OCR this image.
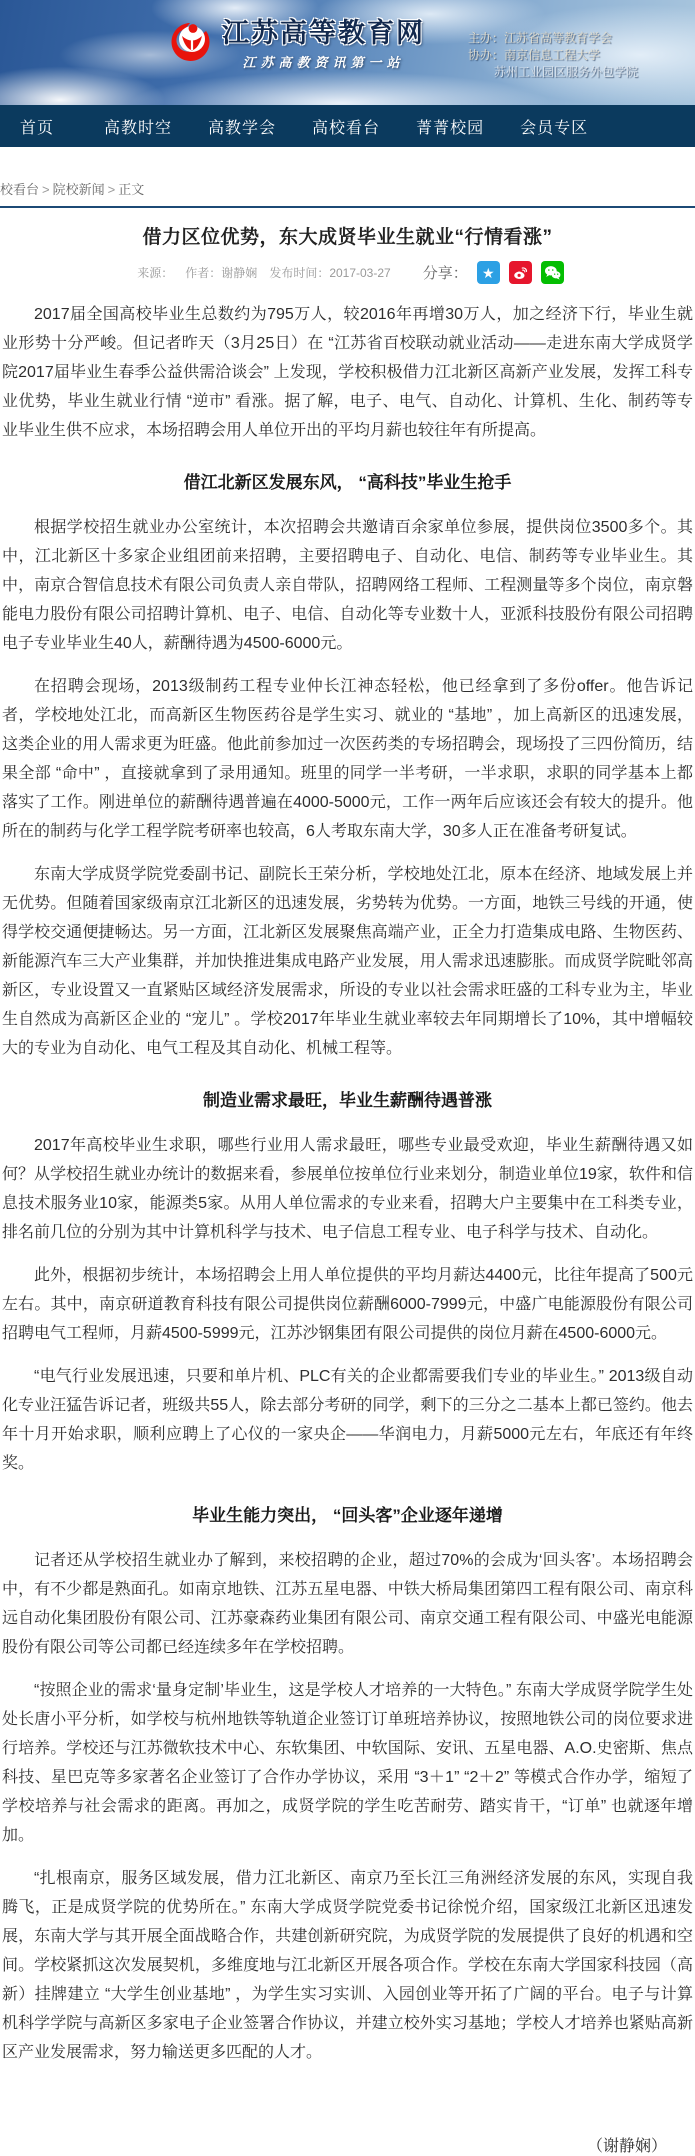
江苏高等教育网
江苏高教资讯第一站
主办：江苏省高等教育学会
协办：南京信息工程大学
苏州工业园区服务外包学院
首页	高教时空 高教学会 高校看台 菁菁校园 会员专区
校看台 > 院校新闻 > 正文
借力区位优势，东大成贤毕业生就业“行情看涨”
来源： 作者：谢静娴 发布时间：2017-03-27 分享：	★

2017届全国高校毕业生总数约为795万人，较2016年再增30万人，加之经济下行，毕业生就业形势十分严峻。但记者昨天（3月25日）在 “江苏省百校联动就业活动——走进东南大学成贤学院2017届毕业生春季公益供需洽谈会” 上发现，学校积极借力江北新区高新产业发展，发挥工科专业优势，毕业生就业行情 “逆市” 看涨。据了解，电子、电气、自动化、计算机、生化、制药等专业毕业生供不应求，本场招聘会用人单位开出的平均月薪也较往年有所提高。

借江北新区发展东风， “高科技”毕业生抢手

根据学校招生就业办公室统计，本次招聘会共邀请百余家单位参展，提供岗位3500多个。其中，江北新区十多家企业组团前来招聘，主要招聘电子、自动化、电信、制药等专业毕业生。其中，南京合智信息技术有限公司负责人亲自带队，招聘网络工程师、工程测量等多个岗位，南京磐能电力股份有限公司招聘计算机、电子、电信、自动化等专业数十人，亚派科技股份有限公司招聘电子专业毕业生40人，薪酬待遇为4500-6000元。

在招聘会现场，2013级制药工程专业仲长江神态轻松，他已经拿到了多份offer。他告诉记者，学校地处江北，而高新区生物医药谷是学生实习、就业的 “基地” ，加上高新区的迅速发展，这类企业的用人需求更为旺盛。他此前参加过一次医药类的专场招聘会，现场投了三四份简历，结果全部 “命中” ，直接就拿到了录用通知。班里的同学一半考研，一半求职，求职的同学基本上都落实了工作。刚进单位的薪酬待遇普遍在4000-5000元，工作一两年后应该还会有较大的提升。他所在的制药与化学工程学院考研率也较高，6人考取东南大学，30多人正在准备考研复试。

东南大学成贤学院党委副书记、副院长王荣分析，学校地处江北，原本在经济、地域发展上并无优势。但随着国家级南京江北新区的迅速发展，劣势转为优势。一方面，地铁三号线的开通，使得学校交通便捷畅达。另一方面，江北新区发展聚焦高端产业，正全力打造集成电路、生物医药、新能源汽车三大产业集群，并加快推进集成电路产业发展，用人需求迅速膨胀。而成贤学院毗邻高新区，专业设置又一直紧贴区域经济发展需求，所设的专业以社会需求旺盛的工科专业为主，毕业生自然成为高新区企业的 “宠儿” 。学校2017年毕业生就业率较去年同期增长了10%，其中增幅较大的专业为自动化、电气工程及其自动化、机械工程等。

制造业需求最旺，毕业生薪酬待遇普涨

2017年高校毕业生求职，哪些行业用人需求最旺，哪些专业最受欢迎，毕业生薪酬待遇又如何？从学校招生就业办统计的数据来看，参展单位按单位行业来划分，制造业单位19家，软件和信息技术服务业10家，能源类5家。从用人单位需求的专业来看，招聘大户主要集中在工科类专业，排名前几位的分别为其中计算机科学与技术、电子信息工程专业、电子科学与技术、自动化。

此外，根据初步统计，本场招聘会上用人单位提供的平均月薪达4400元，比往年提高了500元左右。其中，南京研道教育科技有限公司提供岗位薪酬6000-7999元，中盛广电能源股份有限公司招聘电气工程师，月薪4500-5999元，江苏沙钢集团有限公司提供的岗位月薪在4500-6000元。

“电气行业发展迅速，只要和单片机、PLC有关的企业都需要我们专业的毕业生。” 2013级自动化专业汪猛告诉记者，班级共55人，除去部分考研的同学，剩下的三分之二基本上都已签约。他去年十月开始求职，顺利应聘上了心仪的一家央企——华润电力，月薪5000元左右，年底还有年终奖。

毕业生能力突出， “回头客”企业逐年递增

记者还从学校招生就业办了解到，来校招聘的企业，超过70%的会成为‘回头客’。本场招聘会中，有不少都是熟面孔。如南京地铁、江苏五星电器、中铁大桥局集团第四工程有限公司、南京科远自动化集团股份有限公司、江苏豪森药业集团有限公司、南京交通工程有限公司、中盛光电能源股份有限公司等公司都已经连续多年在学校招聘。

“按照企业的需求‘量身定制’毕业生，这是学校人才培养的一大特色。” 东南大学成贤学院学生处处长唐小平分析，如学校与杭州地铁等轨道企业签订订单班培养协议，按照地铁公司的岗位要求进行培养。学校还与江苏微软技术中心、东软集团、中软国际、安讯、五星电器、A.O.史密斯、焦点科技、星巴克等多家著名企业签订了合作办学协议，采用 “3＋1” “2＋2” 等模式合作办学，缩短了学校培养与社会需求的距离。再加之，成贤学院的学生吃苦耐劳、踏实肯干，“订单” 也就逐年增加。

“扎根南京，服务区域发展，借力江北新区、南京乃至长江三角洲经济发展的东风，实现自我腾飞，正是成贤学院的优势所在。” 东南大学成贤学院党委书记徐悦介绍，国家级江北新区迅速发展，东南大学与其开展全面战略合作，共建创新研究院，为成贤学院的发展提供了良好的机遇和空间。学校紧抓这次发展契机，多维度地与江北新区开展各项合作。学校在东南大学国家科技园（高新）挂牌建立 “大学生创业基地” ，为学生实习实训、入园创业等开拓了广阔的平台。电子与计算机科学学院与高新区多家电子企业签署合作协议，并建立校外实习基地；学校人才培养也紧贴高新区产业发展需求，努力输送更多匹配的人才。

（谢静娴）
